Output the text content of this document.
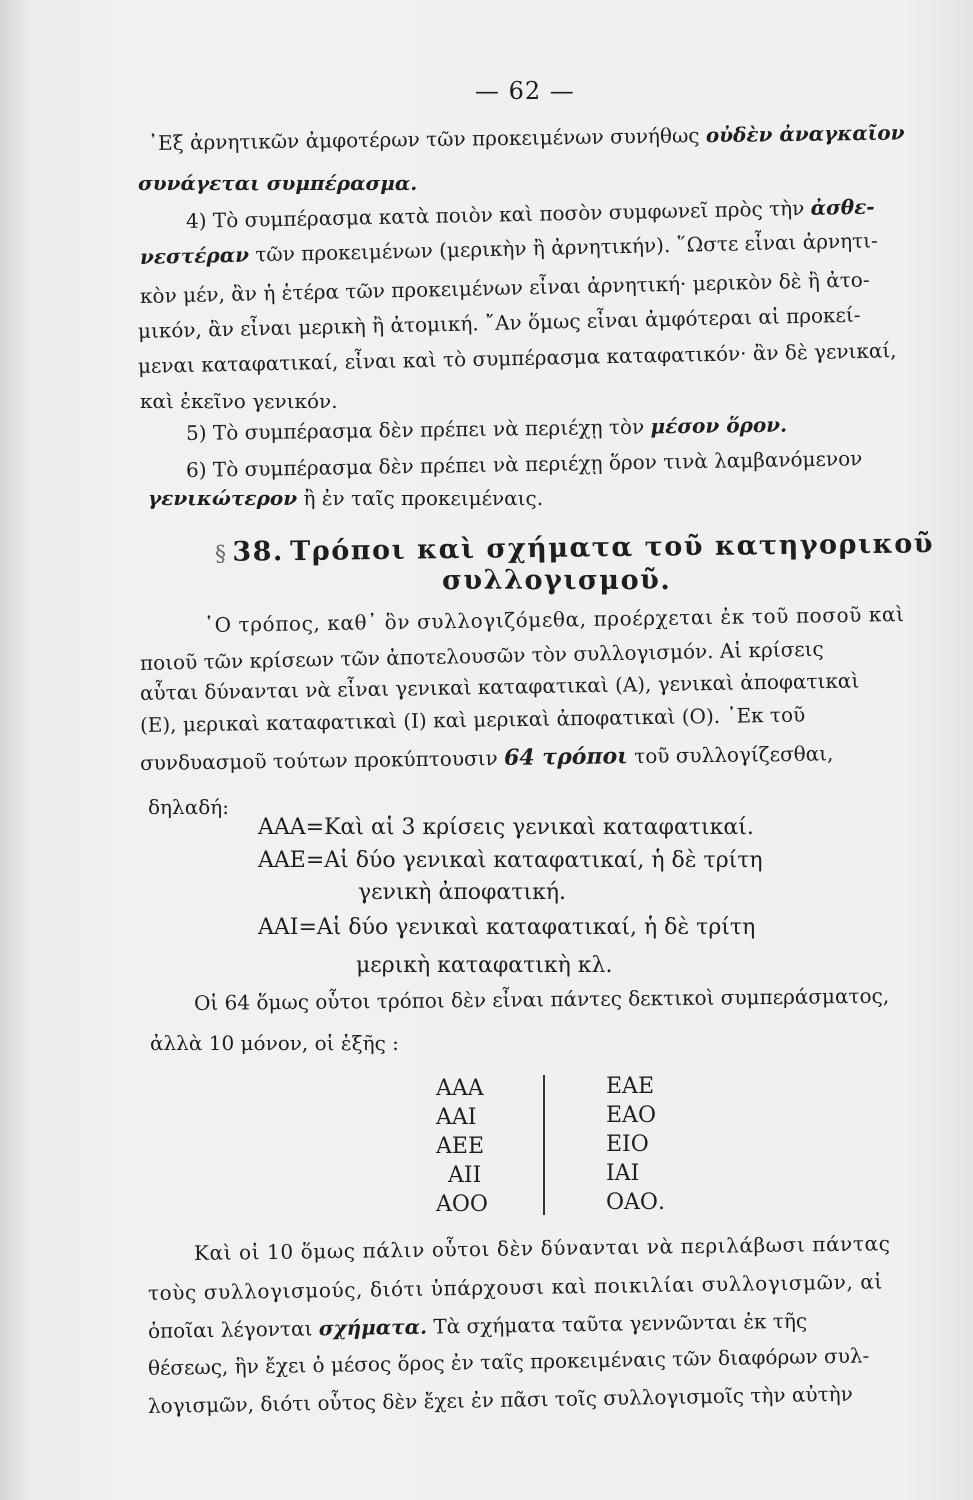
— 62 —
᾿Εξ ἀρνητικῶν ἀμφοτέρων τῶν προκειμένων συνήθως οὐδὲν ἀναγκαῖον
συνάγεται συμπέρασμα.
4) Τὸ συμπέρασμα κατὰ ποιὸν καὶ ποσὸν συμφωνεῖ πρὸς τὴν ἀσθε-
νεστέραν τῶν προκειμένων (μερικὴν ἢ ἀρνητικήν). ῞Ωστε εἶναι ἀρνητι-
κὸν μέν, ἂν ἡ ἑτέρα τῶν προκειμένων εἶναι ἀρνητική· μερικὸν δὲ ἢ ἀτο-
μικόν, ἂν εἶναι μερικὴ ἢ ἀτομική. ῎Αν ὅμως εἶναι ἀμφότεραι αἱ προκεί-
μεναι καταφατικαί, εἶναι καὶ τὸ συμπέρασμα καταφατικόν· ἂν δὲ γενικαί,
καὶ ἐκεῖνο γενικόν.
5) Τὸ συμπέρασμα δὲν πρέπει νὰ περιέχῃ τὸν μέσον ὅρον.
6) Τὸ συμπέρασμα δὲν πρέπει νὰ περιέχῃ ὅρον τινὰ λαμβανόμενον
γενικώτερον ἢ ἐν ταῖς προκειμέναις.
§ 38. Τρόποι καὶ σχήματα τοῦ κατηγορικοῦ
συλλογισμοῦ.
῾Ο τρόπος, καθ᾿ ὃν συλλογιζόμεθα, προέρχεται ἐκ τοῦ ποσοῦ καὶ
ποιοῦ τῶν κρίσεων τῶν ἀποτελουσῶν τὸν συλλογισμόν. Αἱ κρίσεις
αὗται δύνανται νὰ εἶναι γενικαὶ καταφατικαὶ (Α), γενικαὶ ἀποφατικαὶ
(Ε), μερικαὶ καταφατικαὶ (Ι) καὶ μερικαὶ ἀποφατικαὶ (Ο). ᾿Εκ τοῦ
συνδυασμοῦ τούτων προκύπτουσιν 64 τρόποι τοῦ συλλογίζεσθαι,
δηλαδή:
ΑΑΑ=Καὶ αἱ 3 κρίσεις γενικαὶ καταφατικαί.
ΑΑΕ=Αἱ δύο γενικαὶ καταφατικαί, ἡ δὲ τρίτη
γενικὴ ἀποφατική.
ΑΑΙ=Αἱ δύο γενικαὶ καταφατικαί, ἡ δὲ τρίτη
μερικὴ καταφατικὴ κλ.
Οἱ 64 ὅμως οὗτοι τρόποι δὲν εἶναι πάντες δεκτικοὶ συμπεράσματος,
ἀλλὰ 10 μόνον, οἱ ἑξῆς :
ΑΑΑ
ΑΑΙ
ΑΕΕ
ΑΙΙ
ΑΟΟ
ΕΑΕ
ΕΑΟ
ΕΙΟ
ΙΑΙ
ΟΑΟ.
Καὶ οἱ 10 ὅμως πάλιν οὗτοι δὲν δύνανται νὰ περιλάβωσι πάντας
τοὺς συλλογισμούς, διότι ὑπάρχουσι καὶ ποικιλίαι συλλογισμῶν, αἱ
ὁποῖαι λέγονται σχήματα. Τὰ σχήματα ταῦτα γεννῶνται ἐκ τῆς
θέσεως, ἣν ἔχει ὁ μέσος ὅρος ἐν ταῖς προκειμέναις τῶν διαφόρων συλ-
λογισμῶν, διότι οὗτος δὲν ἔχει ἐν πᾶσι τοῖς συλλογισμοῖς τὴν αὐτὴν
